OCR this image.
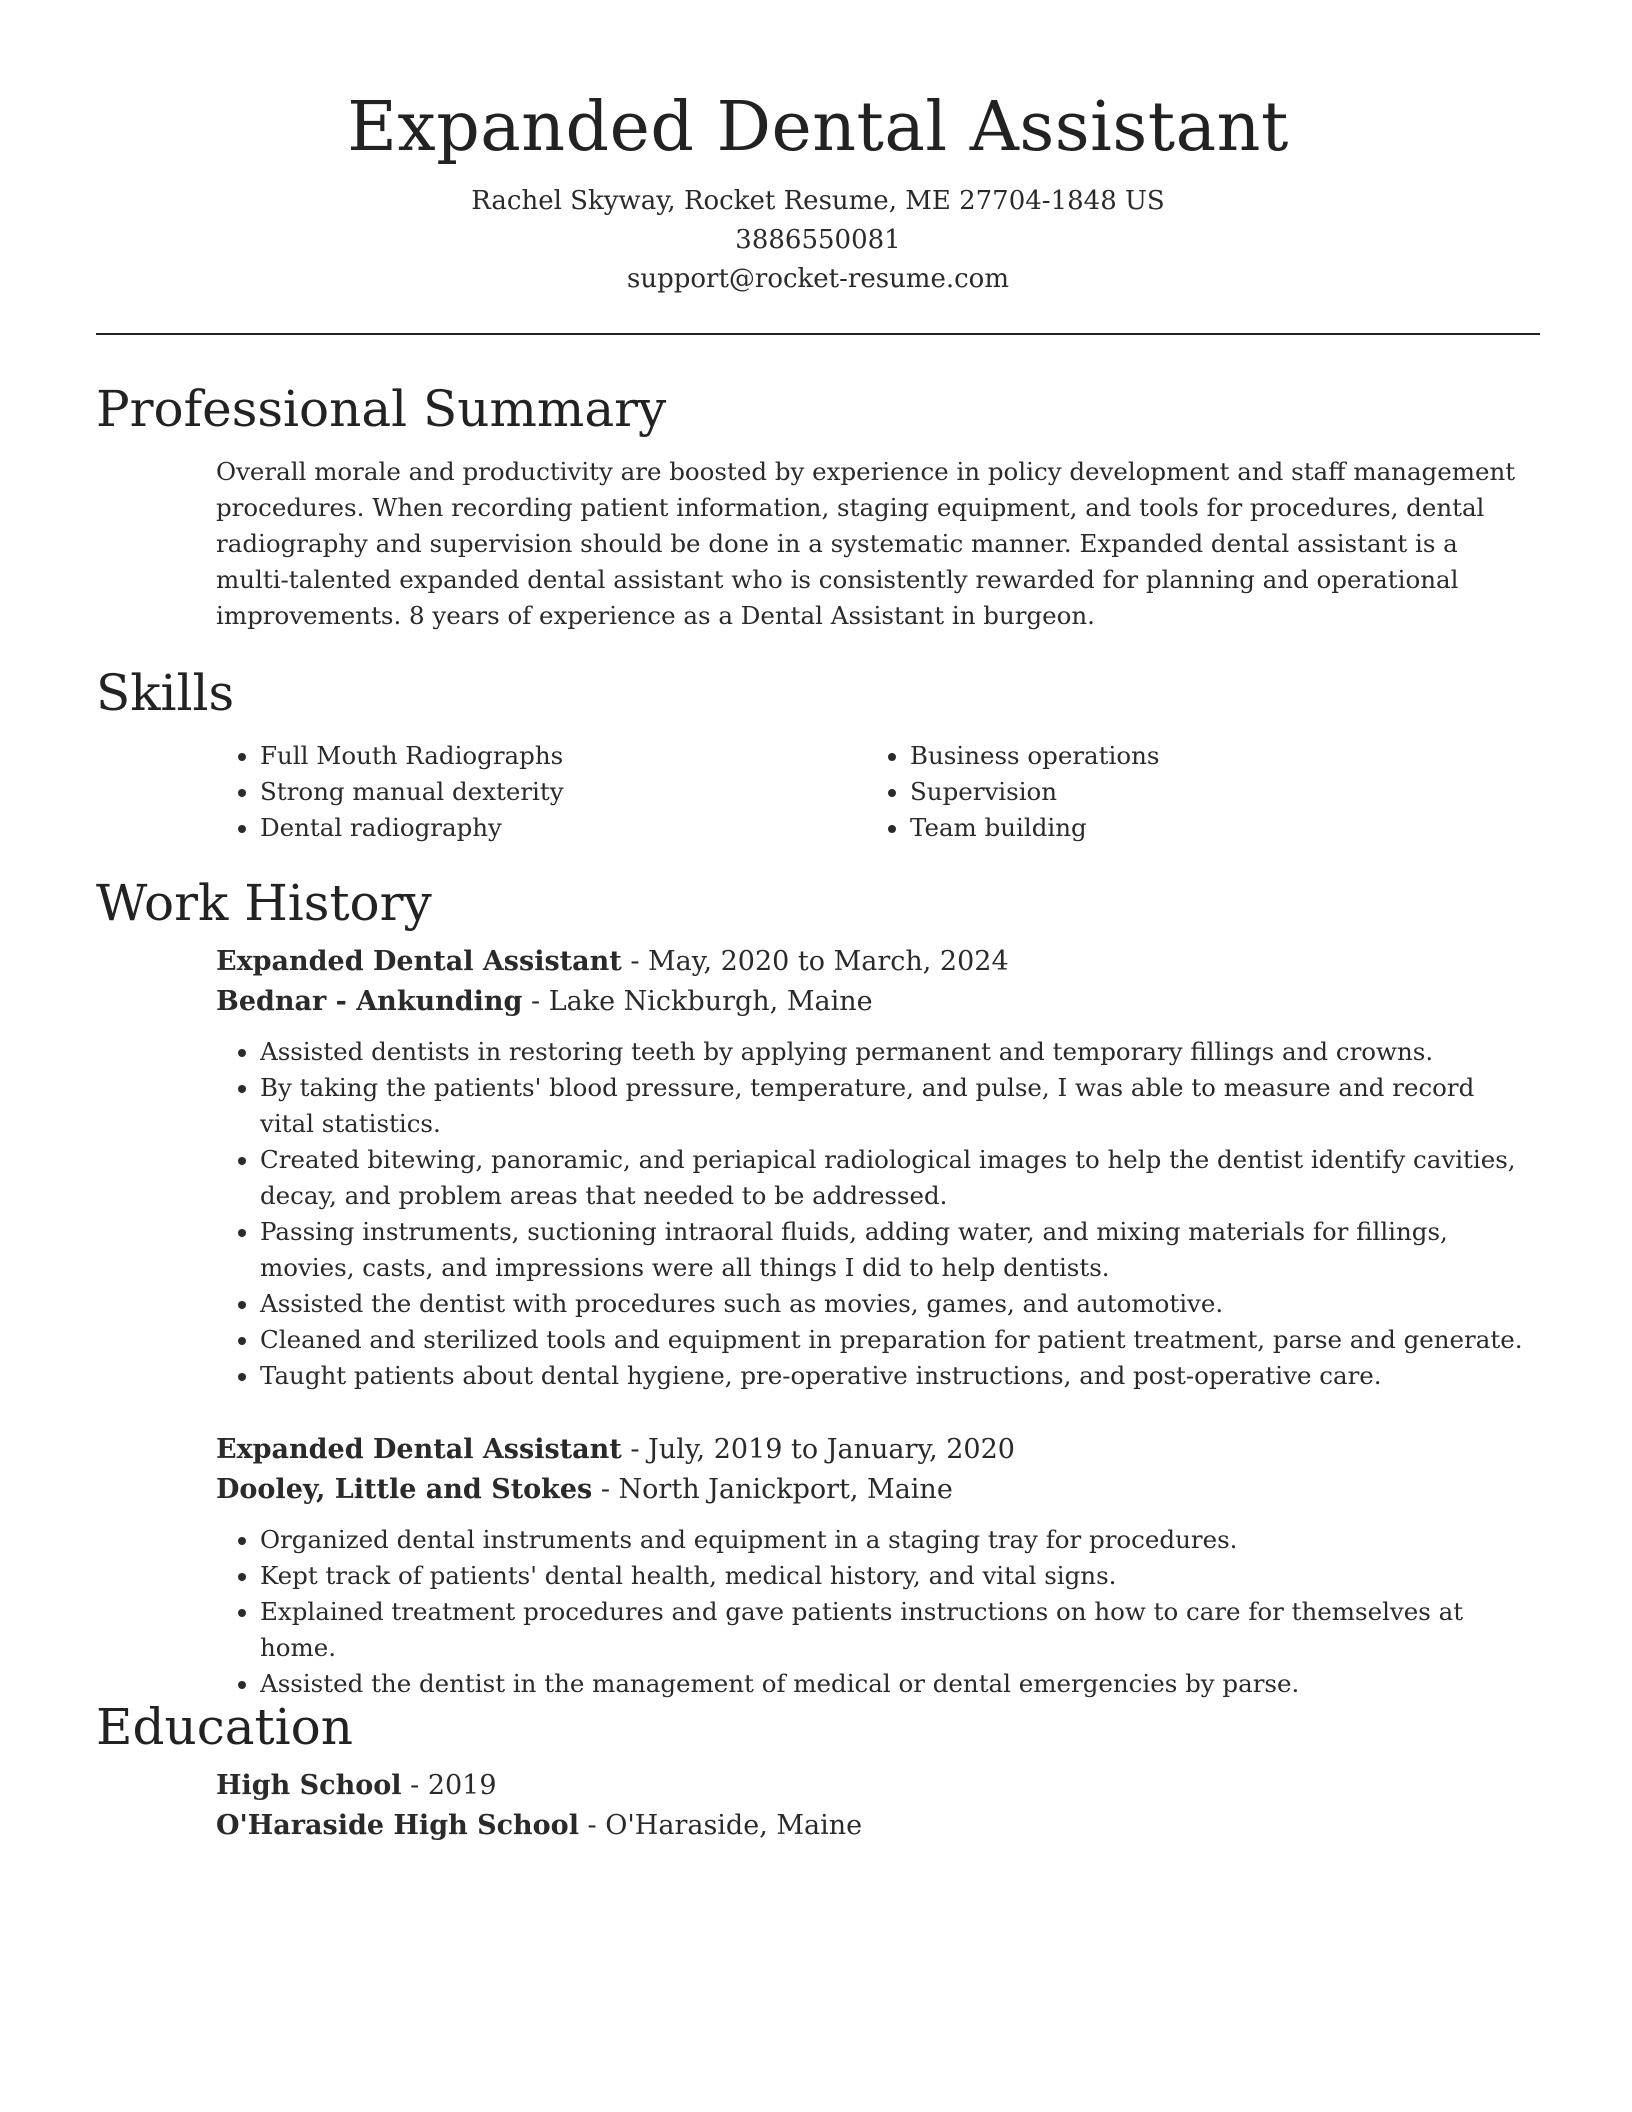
Expanded Dental Assistant
Rachel Skyway, Rocket Resume, ME 27704-1848 US
3886550081
support@rocket-resume.com
Professional Summary
Overall morale and productivity are boosted by experience in policy development and staff management procedures. When recording patient information, staging equipment, and tools for procedures, dental radiography and supervision should be done in a systematic manner. Expanded dental assistant is a multi-talented expanded dental assistant who is consistently rewarded for planning and operational improvements. 8 years of experience as a Dental Assistant in burgeon.
Skills
• Full Mouth Radiographs
• Strong manual dexterity
• Dental radiography
• Business operations
• Supervision
• Team building
Work History
Expanded Dental Assistant - May, 2020 to March, 2024
Bednar - Ankunding - Lake Nickburgh, Maine
• Assisted dentists in restoring teeth by applying permanent and temporary fillings and crowns.
• By taking the patients' blood pressure, temperature, and pulse, I was able to measure and record vital statistics.
• Created bitewing, panoramic, and periapical radiological images to help the dentist identify cavities, decay, and problem areas that needed to be addressed.
• Passing instruments, suctioning intraoral fluids, adding water, and mixing materials for fillings, movies, casts, and impressions were all things I did to help dentists.
• Assisted the dentist with procedures such as movies, games, and automotive.
• Cleaned and sterilized tools and equipment in preparation for patient treatment, parse and generate.
• Taught patients about dental hygiene, pre-operative instructions, and post-operative care.
Expanded Dental Assistant - July, 2019 to January, 2020
Dooley, Little and Stokes - North Janickport, Maine
• Organized dental instruments and equipment in a staging tray for procedures.
• Kept track of patients' dental health, medical history, and vital signs.
• Explained treatment procedures and gave patients instructions on how to care for themselves at home.
• Assisted the dentist in the management of medical or dental emergencies by parse.
Education
High School - 2019
O'Haraside High School - O'Haraside, Maine
